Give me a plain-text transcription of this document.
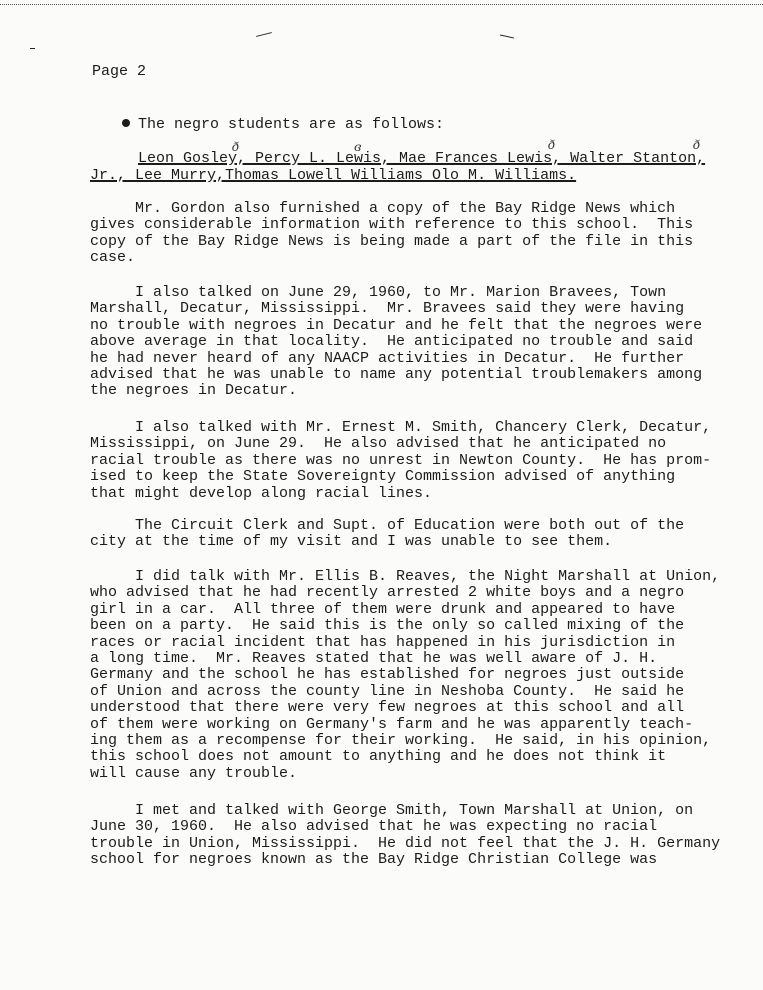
Page 2
The negro students are as follows:
ð	ɞ	ð	ð
Leon Gosley, Percy L. Lewis, Mae Frances Lewis, Walter Stanton,
Jr., Lee Murry,Thomas Lowell Williams Olo M. Williams.
Mr. Gordon also furnished a copy of the Bay Ridge News which
gives considerable information with reference to this school.  This
copy of the Bay Ridge News is being made a part of the file in this
case.
I also talked on June 29, 1960, to Mr. Marion Bravees, Town
Marshall, Decatur, Mississippi.  Mr. Bravees said they were having
no trouble with negroes in Decatur and he felt that the negroes were
above average in that locality.  He anticipated no trouble and said
he had never heard of any NAACP activities in Decatur.  He further
advised that he was unable to name any potential troublemakers among
the negroes in Decatur.
I also talked with Mr. Ernest M. Smith, Chancery Clerk, Decatur,
Mississippi, on June 29.  He also advised that he anticipated no
racial trouble as there was no unrest in Newton County.  He has prom-
ised to keep the State Sovereignty Commission advised of anything
that might develop along racial lines.
The Circuit Clerk and Supt. of Education were both out of the
city at the time of my visit and I was unable to see them.
I did talk with Mr. Ellis B. Reaves, the Night Marshall at Union,
who advised that he had recently arrested 2 white boys and a negro
girl in a car.  All three of them were drunk and appeared to have
been on a party.  He said this is the only so called mixing of the
races or racial incident that has happened in his jurisdiction in
a long time.  Mr. Reaves stated that he was well aware of J. H.
Germany and the school he has established for negroes just outside
of Union and across the county line in Neshoba County.  He said he
understood that there were very few negroes at this school and all
of them were working on Germany's farm and he was apparently teach-
ing them as a recompense for their working.  He said, in his opinion,
this school does not amount to anything and he does not think it
will cause any trouble.
I met and talked with George Smith, Town Marshall at Union, on
June 30, 1960.  He also advised that he was expecting no racial
trouble in Union, Mississippi.  He did not feel that the J. H. Germany
school for negroes known as the Bay Ridge Christian College was
